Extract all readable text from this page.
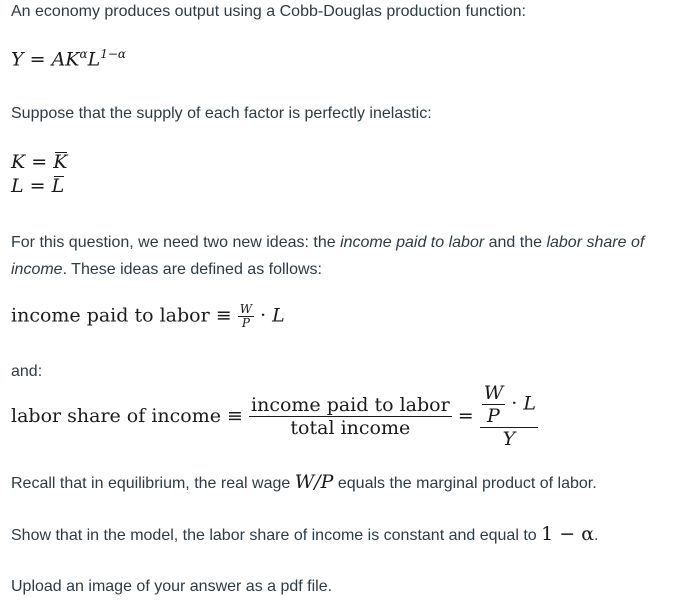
An economy produces output using a Cobb-Douglas production function:
$Y = AK^\alpha L^{1-\alpha}$
Suppose that the supply of each factor is perfectly inelastic:
K = K
L = L
For this question, we need two new ideas: the income paid to labor and the labor share of income. These ideas are defined as follows:
income paid to labor ≡ $\frac{W}{P} \cdot L$
and:
labor share of income ≡ $\frac{\text{income paid to labor}}{\text{total income}} = \frac{\frac{W}{P} \cdot L}{Y}$
Recall that in equilibrium, the real wage W/P equals the marginal product of labor.
Show that in the model, the labor share of income is constant and equal to 1 − α.
Upload an image of your answer as a pdf file.
